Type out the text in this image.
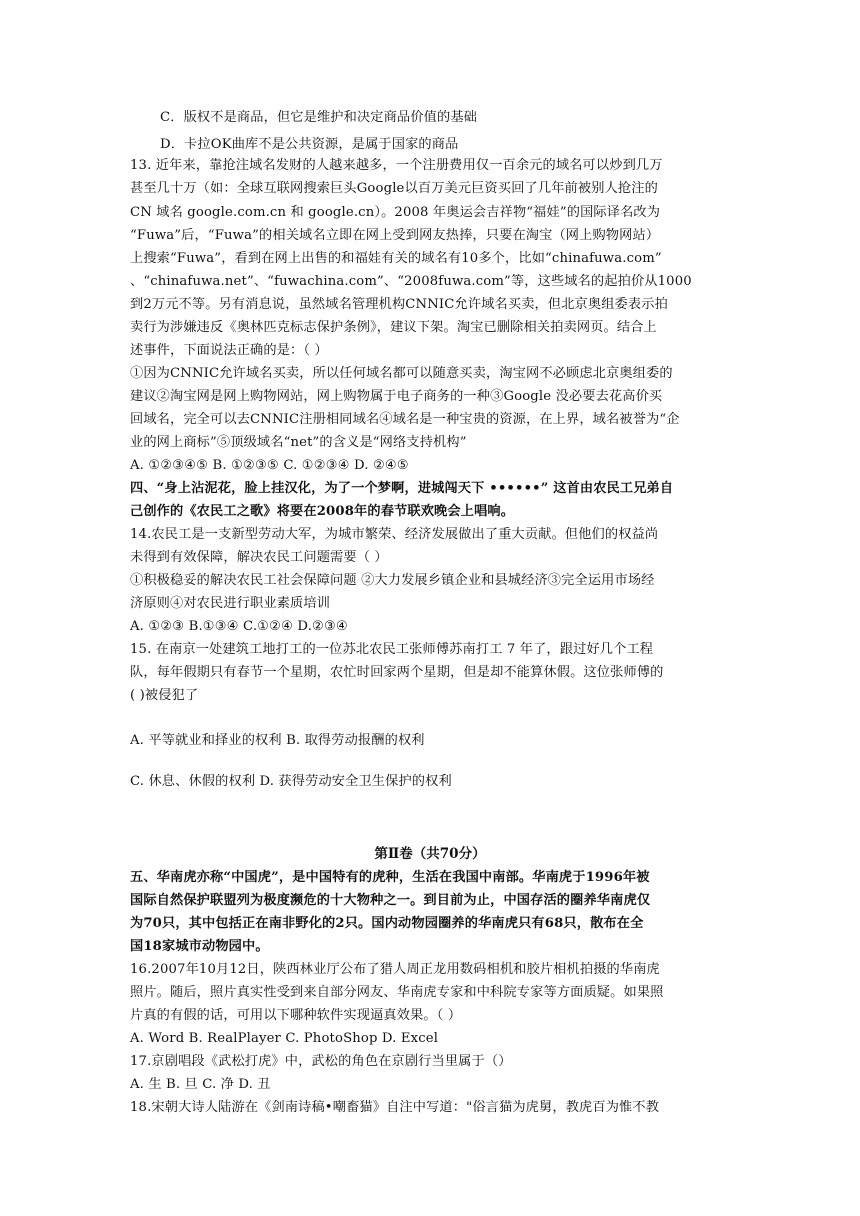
第Ⅱ卷（共70分）
C．版权不是商品，但它是维护和决定商品价值的基础
D．卡拉OK曲库不是公共资源，是属于国家的商品
13. 近年来，靠抢注域名发财的人越来越多，一个注册费用仅一百余元的域名可以炒到几万
甚至几十万（如：全球互联网搜索巨头Google以百万美元巨资买回了几年前被别人抢注的
CN 域名 google.com.cn 和 google.cn）。2008 年奥运会吉祥物“福娃”的国际译名改为
“Fuwa”后，“Fuwa”的相关域名立即在网上受到网友热捧，只要在淘宝（网上购物网站）
上搜索“Fuwa”，看到在网上出售的和福娃有关的域名有10多个，比如“chinafuwa.com”
、“chinafuwa.net”、“fuwachina.com”、“2008fuwa.com”等，这些域名的起拍价从1000
到2万元不等。另有消息说，虽然域名管理机构CNNIC允许域名买卖，但北京奥组委表示拍
卖行为涉嫌违反《奥林匹克标志保护条例》，建议下架。淘宝已删除相关拍卖网页。结合上
述事件，下面说法正确的是：（ ）
①因为CNNIC允许域名买卖，所以任何域名都可以随意买卖，淘宝网不必顾虑北京奥组委的
建议②淘宝网是网上购物网站，网上购物属于电子商务的一种③Google 没必要去花高价买
回域名，完全可以去CNNIC注册相同域名④域名是一种宝贵的资源，在上界，域名被誉为“企
业的网上商标”⑤顶级域名“net”的含义是“网络支持机构”
A. ①②③④⑤ B. ①②③⑤ C. ①②③④ D. ②④⑤
四、“身上沾泥花，脸上挂汉化，为了一个梦啊，进城闯天下 ••••••” 这首由农民工兄弟自
己创作的《农民工之歌》将要在2008年的春节联欢晚会上唱响。
14.农民工是一支新型劳动大军，为城市繁荣、经济发展做出了重大贡献。但他们的权益尚
未得到有效保障，解决农民工问题需要（ ）
①积极稳妥的解决农民工社会保障问题 ②大力发展乡镇企业和县城经济③完全运用市场经
济原则④对农民进行职业素质培训
A. ①②③ B.①③④ C.①②④ D.②③④
15. 在南京一处建筑工地打工的一位苏北农民工张师傅苏南打工 7 年了，跟过好几个工程
队，每年假期只有春节一个星期，农忙时回家两个星期，但是却不能算休假。这位张师傅的
( )被侵犯了
A. 平等就业和择业的权利 B. 取得劳动报酬的权利
C. 休息、休假的权利 D. 获得劳动安全卫生保护的权利
五、华南虎亦称“中国虎”，是中国特有的虎种，生活在我国中南部。华南虎于1996年被
国际自然保护联盟列为极度濒危的十大物种之一。到目前为止，中国存活的圈养华南虎仅
为70只，其中包括正在南非野化的2只。国内动物园圈养的华南虎只有68只，散布在全
国18家城市动物园中。
16.2007年10月12日，陕西林业厅公布了猎人周正龙用数码相机和胶片相机拍摄的华南虎
照片。随后，照片真实性受到来自部分网友、华南虎专家和中科院专家等方面质疑。如果照
片真的有假的话，可用以下哪种软件实现逼真效果。（ ）
A. Word B. RealPlayer C. PhotoShop D. Excel
17.京剧唱段《武松打虎》中，武松的角色在京剧行当里属于（）
A. 生 B. 旦 C. 净 D. 丑
18.宋朝大诗人陆游在《剑南诗稿•嘲畜猫》自注中写道："俗言猫为虎舅，教虎百为惟不教
